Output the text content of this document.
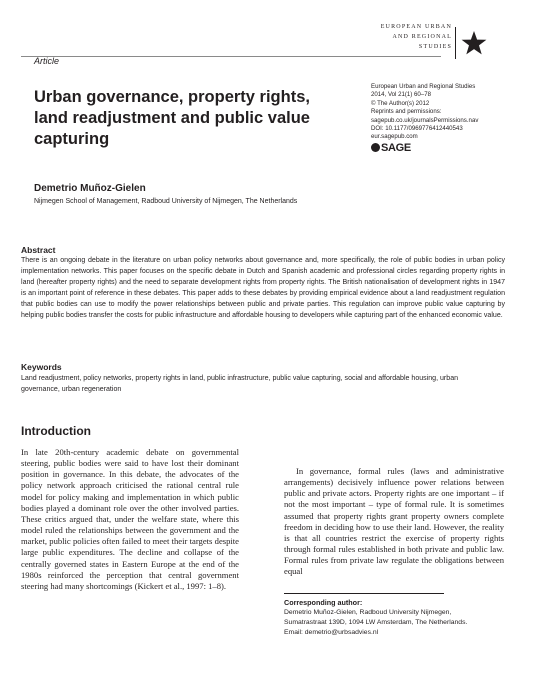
Article
EUROPEAN URBAN
AND REGIONAL
STUDIES
European Urban and Regional Studies
2014, Vol 21(1) 60–78
© The Author(s) 2012
Reprints and permissions:
sagepub.co.uk/journalsPermissions.nav
DOI: 10.1177/0969776412440543
eur.sagepub.com
SAGE
Urban governance, property rights, land readjustment and public value capturing
Demetrio Muñoz-Gielen
Nijmegen School of Management, Radboud University of Nijmegen, The Netherlands
Abstract
There is an ongoing debate in the literature on urban policy networks about governance and, more specifically, the role of public bodies in urban policy implementation networks. This paper focuses on the specific debate in Dutch and Spanish academic and professional circles regarding property rights in land (hereafter property rights) and the need to separate development rights from property rights. The British nationalisation of development rights in 1947 is an important point of reference in these debates. This paper adds to these debates by providing empirical evidence about a land readjustment regulation that public bodies can use to modify the power relationships between public and private parties. This regulation can improve public value capturing by helping public bodies transfer the costs for public infrastructure and affordable housing to developers while capturing part of the enhanced economic value.
Keywords
Land readjustment, policy networks, property rights in land, public infrastructure, public value capturing, social and affordable housing, urban governance, urban regeneration
Introduction

In late 20th-century academic debate on governmental steering, public bodies were said to have lost their dominant position in governance. In this debate, the advocates of the policy network approach criticised the rational central rule model for policy making and implementation in which public bodies played a dominant role over the other involved parties. These critics argued that, under the welfare state, where this model ruled the relationships between the government and the market, public policies often failed to meet their targets despite large public expenditures. The decline and collapse of the centrally governed states in Eastern Europe at the end of the 1980s reinforced the perception that central government steering had many shortcomings (Kickert et al., 1997: 1–8).

In governance, formal rules (laws and administrative arrangements) decisively influence power relations between public and private actors. Property rights are one important – if not the most important – type of formal rule. It is sometimes assumed that property rights grant property owners complete freedom in deciding how to use their land. However, the reality is that all countries restrict the exercise of property rights through formal rules established in both private and public law. Formal rules from private law regulate the obligations between equal

Corresponding author:
Demetrio Muñoz-Gielen, Radboud University Nijmegen,
Sumatrastraat 139D, 1094 LW Amsterdam, The Netherlands.
Email: demetrio@urbsadvies.nl
